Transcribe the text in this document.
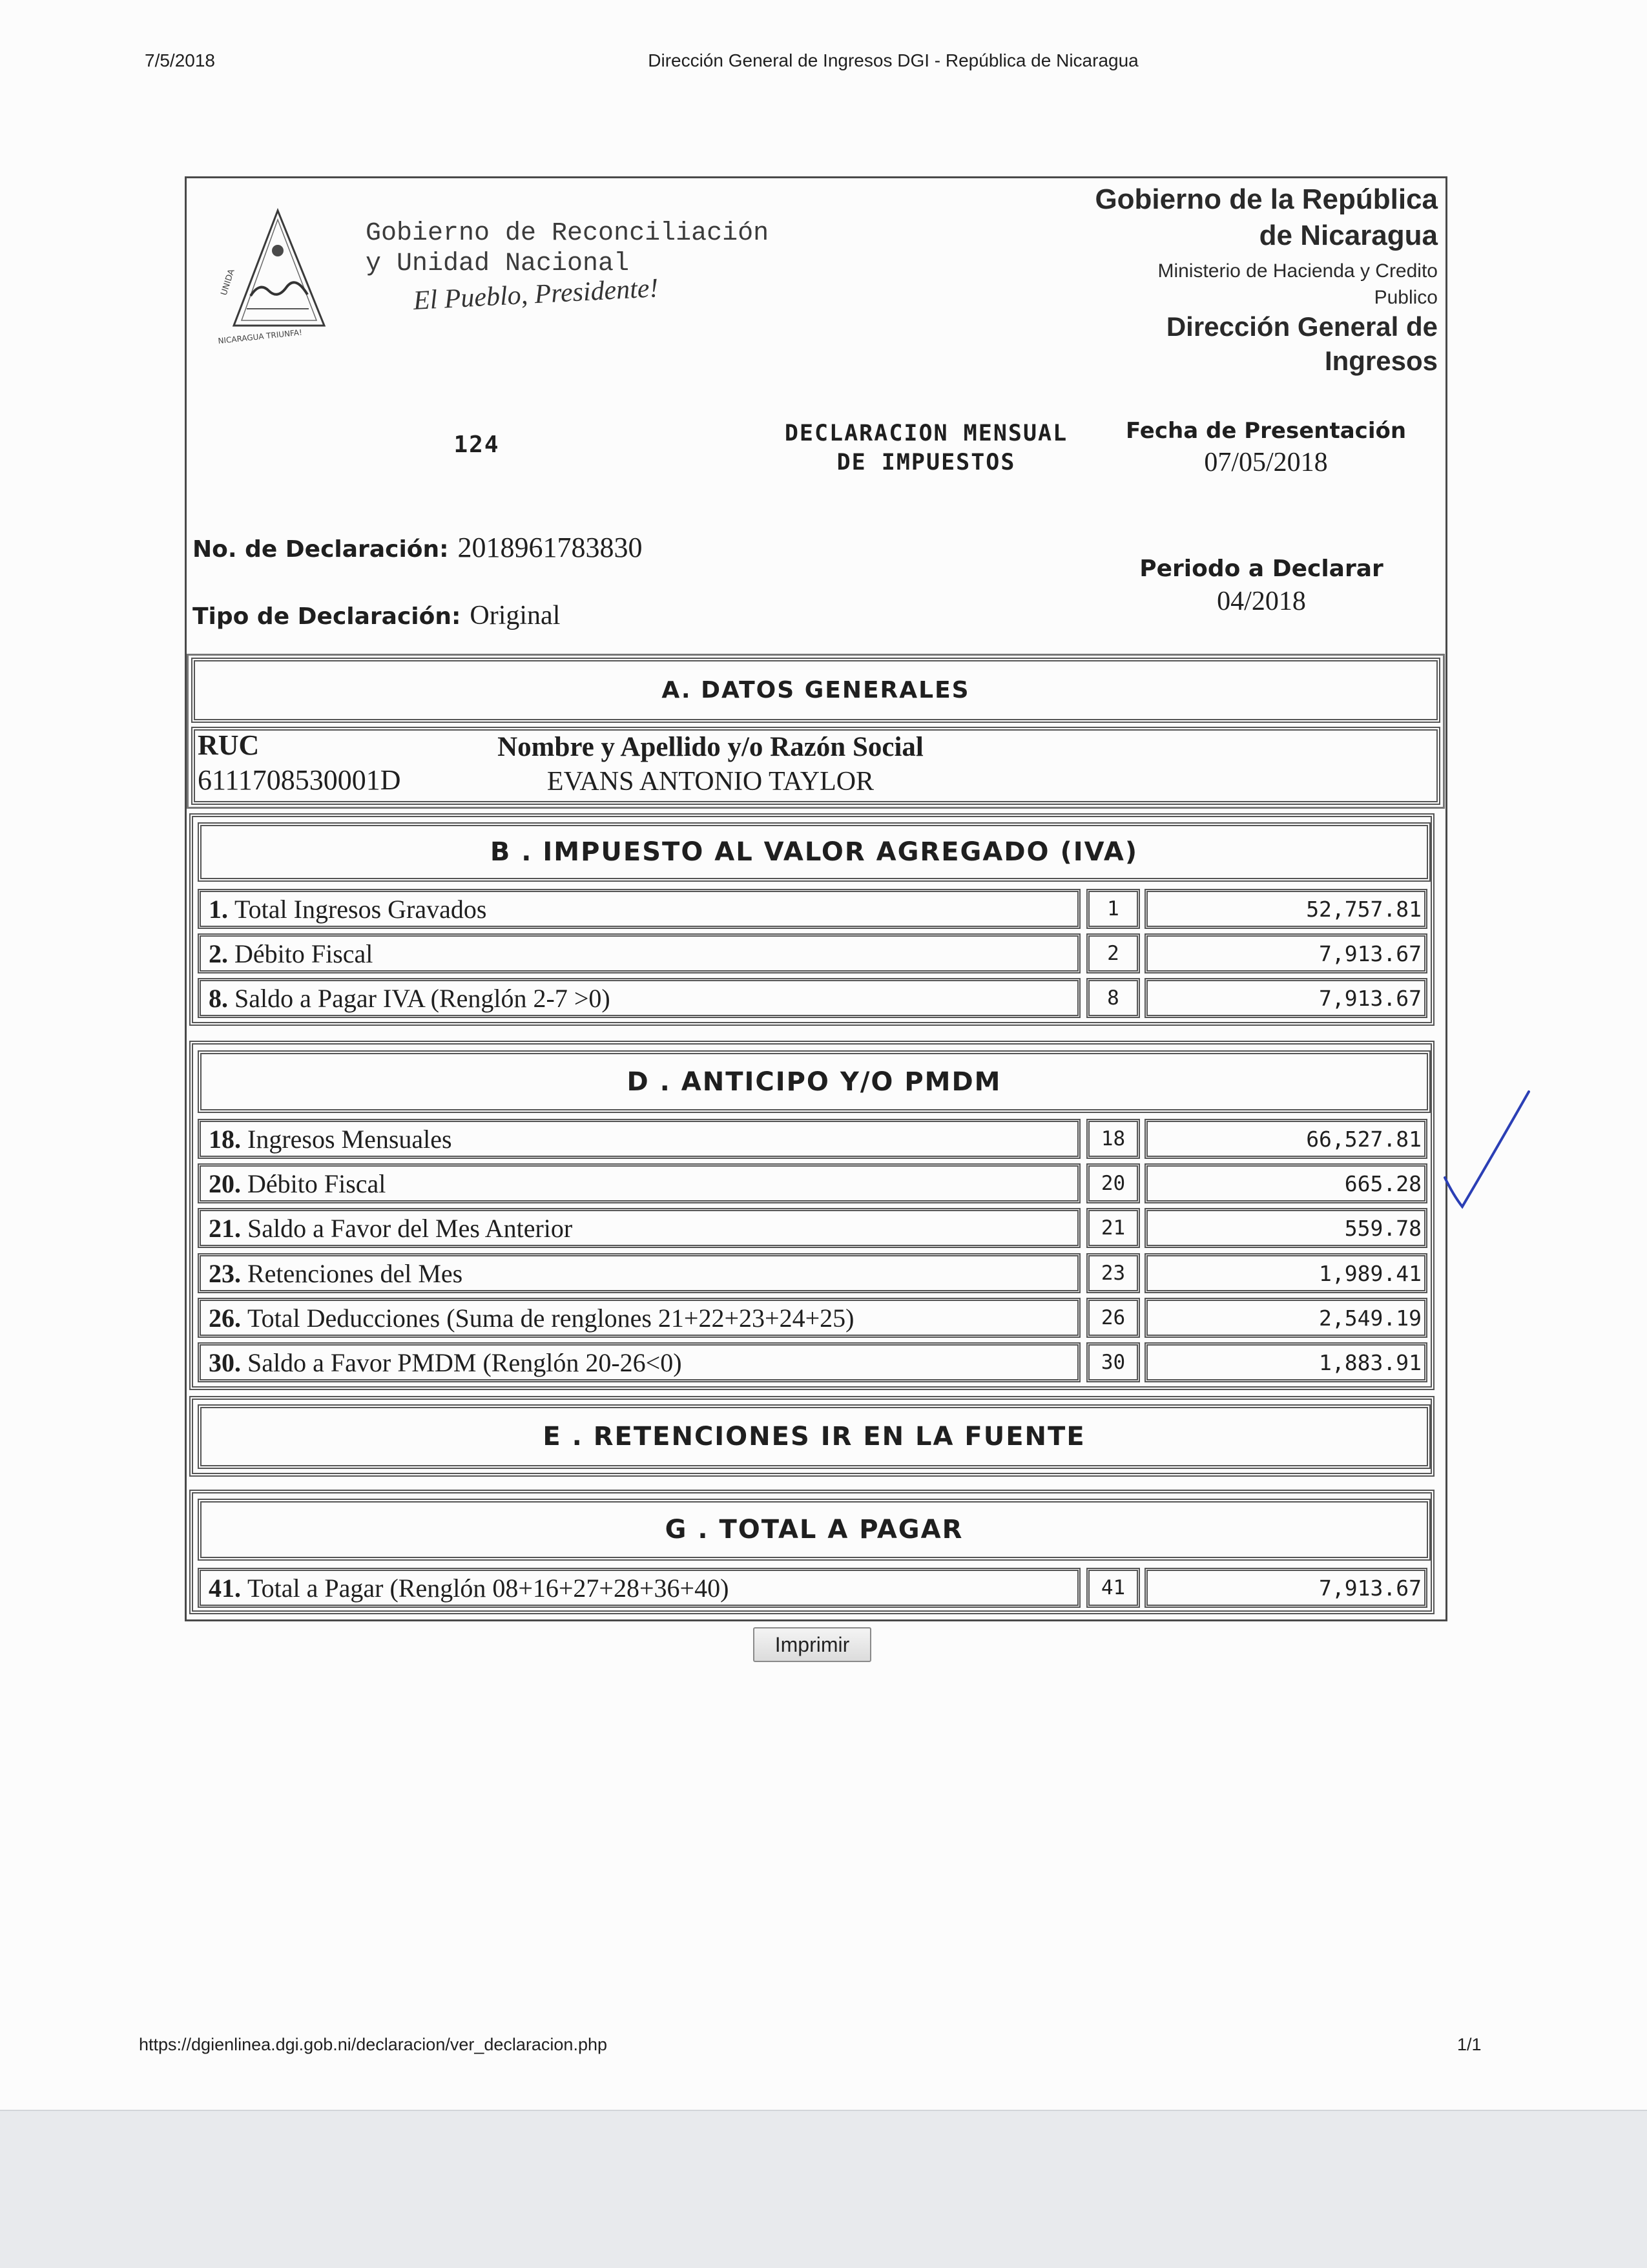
7/5/2018	Dirección General de Ingresos DGI - República de Nicaragua
UNIDA
NICARAGUA TRIUNFA!
Gobierno de Reconciliación
y Unidad Nacional
El Pueblo, Presidente!
Gobierno de la República
de Nicaragua
Ministerio de Hacienda y Credito
Publico
Dirección General de
Ingresos
124	DECLARACION MENSUAL
DE IMPUESTOS
Fecha de Presentación
07/05/2018
No. de Declaración: 2018961783830
Periodo a Declarar
04/2018
Tipo de Declaración: Original
A. DATOS GENERALES
RUC
6111708530001D
Nombre y Apellido y/o Razón Social
EVANS ANTONIO TAYLOR
B . IMPUESTO AL VALOR AGREGADO (IVA)
1. Total Ingresos Gravados	1	52,757.81
2. Débito Fiscal	2	7,913.67
8. Saldo a Pagar IVA (Renglón 2-7 >0)	8	7,913.67
D . ANTICIPO Y/O PMDM
18. Ingresos Mensuales	18	66,527.81
20. Débito Fiscal	20	665.28
21. Saldo a Favor del Mes Anterior	21	559.78
23. Retenciones del Mes	23	1,989.41
26. Total Deducciones (Suma de renglones 21+22+23+24+25)	26	2,549.19
30. Saldo a Favor PMDM (Renglón 20-26<0)	30	1,883.91
E . RETENCIONES IR EN LA FUENTE
G . TOTAL A PAGAR
41. Total a Pagar (Renglón 08+16+27+28+36+40)	41	7,913.67
Imprimir
https://dgienlinea.dgi.gob.ni/declaracion/ver_declaracion.php	1/1
